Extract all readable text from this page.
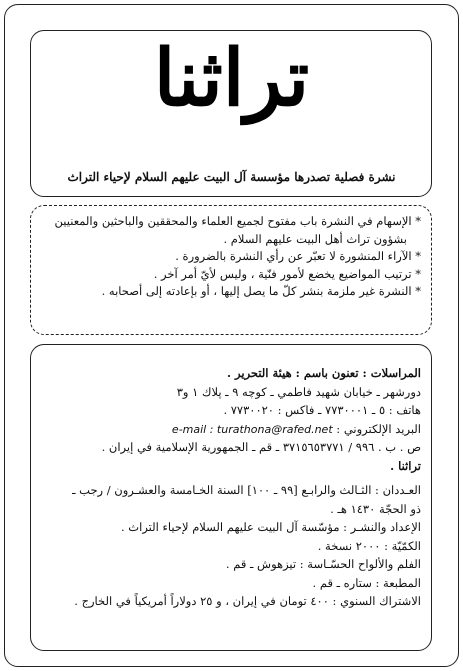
تراثنا
نشرة فصلية تصدرها مؤسسة آل البيت عليهم السلام لإحياء التراث
* الإسهام في النشرة باب مفتوح لجميع العلماء والمحققين والباحثين والمعنيين
بشؤون تراث أهل البيت عليهم السلام .
* الآراء المنشورة لا تعبّر عن رأي النشرة بالضرورة .
* ترتيب المواضيع يخضع لأمور فنّية ، وليس لأيّ أمر آخر .
* النشرة غير ملزمة بنشر كلّ ما يصل إليها ، أو بإعادته إلى أصحابه .
المراسلات : تعنون باسم : هيئة التحرير .
دورشهر ـ خيابان شهيد فاطمي ـ كوچه ٩ ـ پلاك ١ و٣
هاتف : ٥ ـ ٧٧٣٠٠٠١ ـ فاكس : ٧٧٣٠٠٢٠ .
البريد الإلكتروني : e-mail : turathona@rafed.net
ص . ب . ٩٩٦ / ٣٧١٥٦٥٣٧٧١ ـ قم ـ الجمهورية الإسلامية في إيران .
تراثنا .
العـددان : الثـالث والرابـع [٩٩ ـ ١٠٠] السنة الخـامسة والعشـرون / رجب ـ
ذو الحجّة ١٤٣٠ هـ .
الإعداد والنشـر : مؤسّسة آل البيت عليهم السلام لإحياء التراث .
الكمّيّة : ٢٠٠٠ نسخة .
الفلم والألواح الحسّـاسة : تيزهوش ـ قم .
المطبعة : ستاره ـ قم .
الاشتراك السنوي : ٤٠٠ تومان في إيران ، و ٢٥ دولاراً أمريكياً في الخارج .
